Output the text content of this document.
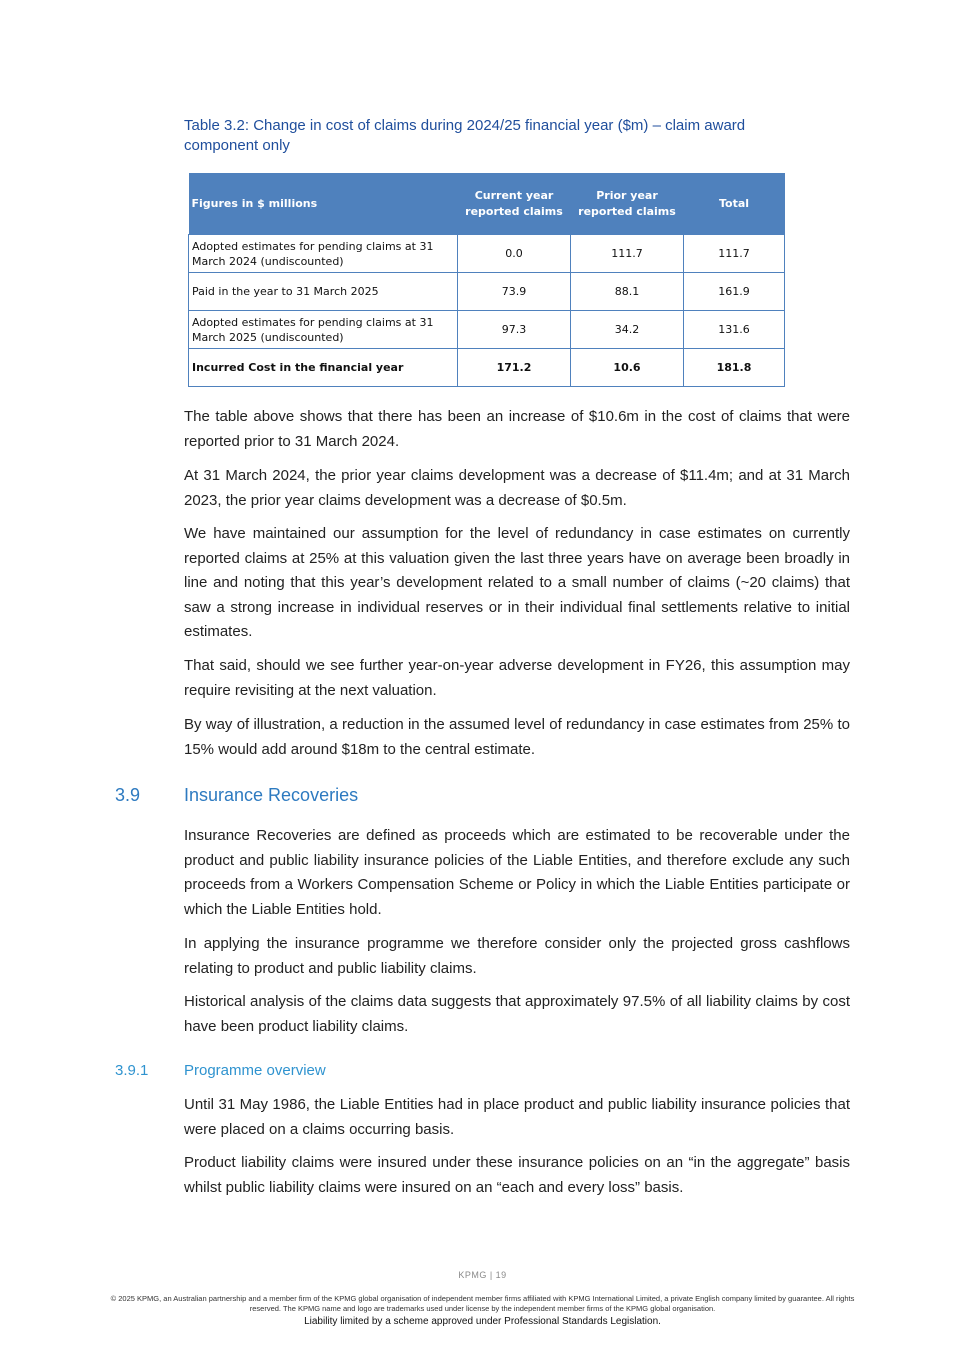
Table 3.2: Change in cost of claims during 2024/25 financial year ($m) – claim award component only
Figures in $ millions	Current year reported claims	Prior year reported claims	Total
Adopted estimates for pending claims at 31 March 2024 (undiscounted)	0.0	111.7	111.7
Paid in the year to 31 March 2025	73.9	88.1	161.9
Adopted estimates for pending claims at 31 March 2025 (undiscounted)	97.3	34.2	131.6
Incurred Cost in the financial year	171.2	10.6	181.8

The table above shows that there has been an increase of $10.6m in the cost of claims that were reported prior to 31 March 2024.

At 31 March 2024, the prior year claims development was a decrease of $11.4m; and at 31 March 2023, the prior year claims development was a decrease of $0.5m.

We have maintained our assumption for the level of redundancy in case estimates on currently reported claims at 25% at this valuation given the last three years have on average been broadly in line and noting that this year’s development related to a small number of claims (~20 claims) that saw a strong increase in individual reserves or in their individual final settlements relative to initial estimates.

That said, should we see further year-on-year adverse development in FY26, this assumption may require revisiting at the next valuation.

By way of illustration, a reduction in the assumed level of redundancy in case estimates from 25% to 15% would add around $18m to the central estimate.

3.9 Insurance Recoveries

Insurance Recoveries are defined as proceeds which are estimated to be recoverable under the product and public liability insurance policies of the Liable Entities, and therefore exclude any such proceeds from a Workers Compensation Scheme or Policy in which the Liable Entities participate or which the Liable Entities hold.

In applying the insurance programme we therefore consider only the projected gross cashflows relating to product and public liability claims.

Historical analysis of the claims data suggests that approximately 97.5% of all liability claims by cost have been product liability claims.

3.9.1 Programme overview

Until 31 May 1986, the Liable Entities had in place product and public liability insurance policies that were placed on a claims occurring basis.

Product liability claims were insured under these insurance policies on an “in the aggregate” basis whilst public liability claims were insured on an “each and every loss” basis.

KPMG | 19
© 2025 KPMG, an Australian partnership and a member firm of the KPMG global organisation of independent member firms affiliated with KPMG International Limited, a private English company limited by guarantee. All rights reserved. The KPMG name and logo are trademarks used under license by the independent member firms of the KPMG global organisation.
Liability limited by a scheme approved under Professional Standards Legislation.
